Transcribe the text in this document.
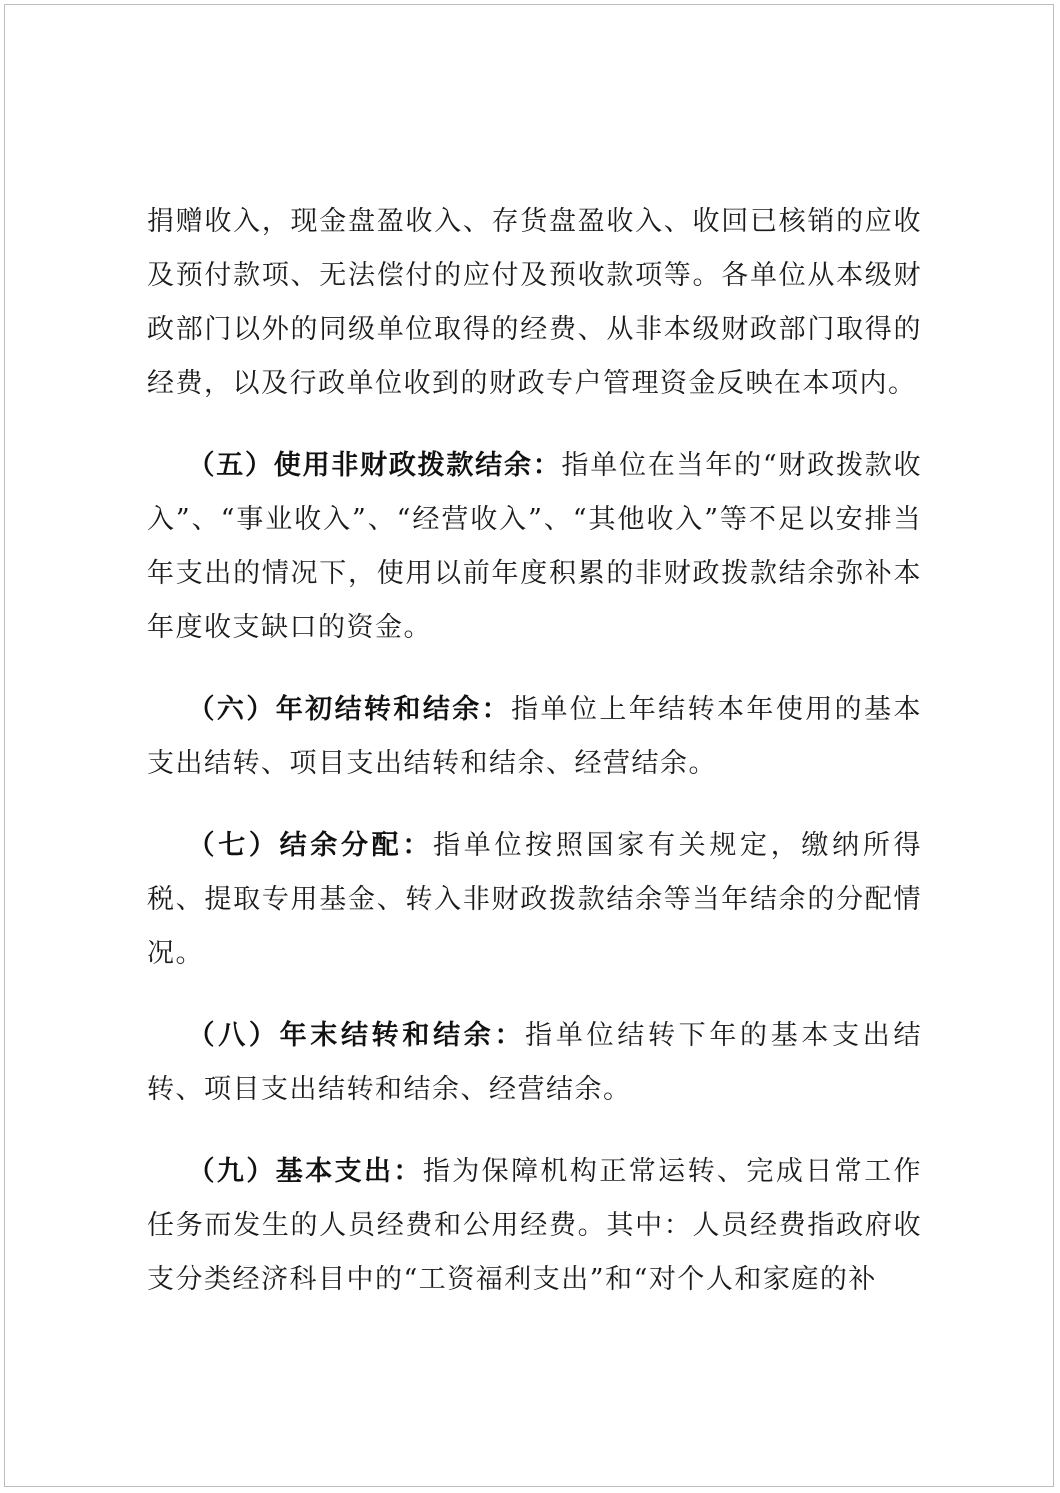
捐赠收入，现金盘盈收入、存货盘盈收入、收回已核销的应收及预付款项、无法偿付的应付及预收款项等。各单位从本级财政部门以外的同级单位取得的经费、从非本级财政部门取得的经费，以及行政单位收到的财政专户管理资金反映在本项内。

（五）使用非财政拨款结余：指单位在当年的“财政拨款收入”、“事业收入”、“经营收入”、“其他收入”等不足以安排当年支出的情况下，使用以前年度积累的非财政拨款结余弥补本年度收支缺口的资金。

（六）年初结转和结余：指单位上年结转本年使用的基本支出结转、项目支出结转和结余、经营结余。

（七）结余分配：指单位按照国家有关规定，缴纳所得税、提取专用基金、转入非财政拨款结余等当年结余的分配情况。

（八）年末结转和结余：指单位结转下年的基本支出结转、项目支出结转和结余、经营结余。

（九）基本支出：指为保障机构正常运转、完成日常工作任务而发生的人员经费和公用经费。其中：人员经费指政府收支分类经济科目中的“工资福利支出”和“对个人和家庭的补
